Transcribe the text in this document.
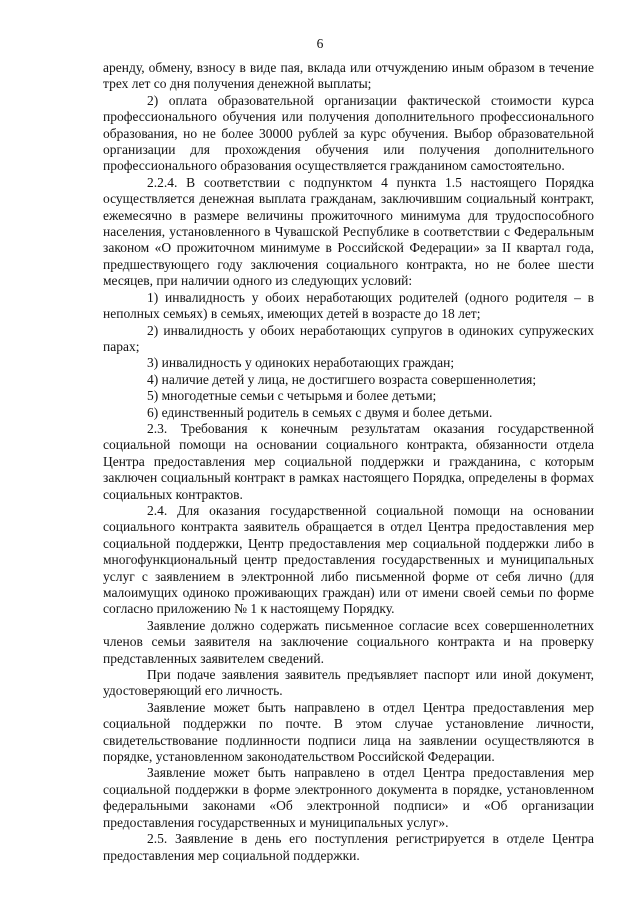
6

аренду, обмену, взносу в виде пая, вклада или отчуждению иным образом в течение трех лет со дня получения денежной выплаты;

2) оплата образовательной организации фактической стоимости курса профессионального обучения или получения дополнительного профессионального образования, но не более 30000 рублей за курс обучения. Выбор образовательной организации для прохождения обучения или получения дополнительного профессионального образования осуществляется гражданином самостоятельно.

2.2.4. В соответствии с подпунктом 4 пункта 1.5 настоящего Порядка осуществляется денежная выплата гражданам, заключившим социальный контракт, ежемесячно в размере величины прожиточного минимума для трудоспособного населения, установленного в Чувашской Республике в соответствии с Федеральным законом «О прожиточном минимуме в Российской Федерации» за II квартал года, предшествующего году заключения социального контракта, но не более шести месяцев, при наличии одного из следующих условий:

1) инвалидность у обоих неработающих родителей (одного родителя – в неполных семьях) в семьях, имеющих детей в возрасте до 18 лет;

2) инвалидность у обоих неработающих супругов в одиноких супружеских парах;

3) инвалидность у одиноких неработающих граждан;

4) наличие детей у лица, не достигшего возраста совершеннолетия;

5) многодетные семьи с четырьмя и более детьми;

6) единственный родитель в семьях с двумя и более детьми.

2.3. Требования к конечным результатам оказания государственной социальной помощи на основании социального контракта, обязанности отдела Центра предоставления мер социальной поддержки и гражданина, с которым заключен социальный контракт в рамках настоящего Порядка, определены в формах социальных контрактов.

2.4. Для оказания государственной социальной помощи на основании социального контракта заявитель обращается в отдел Центра предоставления мер социальной поддержки, Центр предоставления мер социальной поддержки либо в многофункциональный центр предоставления государственных и муниципальных услуг с заявлением в электронной либо письменной форме от себя лично (для малоимущих одиноко проживающих граждан) или от имени своей семьи по форме согласно приложению № 1 к настоящему Порядку.

Заявление должно содержать письменное согласие всех совершеннолетних членов семьи заявителя на заключение социального контракта и на проверку представленных заявителем сведений.

При подаче заявления заявитель предъявляет паспорт или иной документ, удостоверяющий его личность.

Заявление может быть направлено в отдел Центра предоставления мер социальной поддержки по почте. В этом случае установление личности, свидетельствование подлинности подписи лица на заявлении осуществляются в порядке, установленном законодательством Российской Федерации.

Заявление может быть направлено в отдел Центра предоставления мер социальной поддержки в форме электронного документа в порядке, установленном федеральными законами «Об электронной подписи» и «Об организации предоставления государственных и муниципальных услуг».

2.5. Заявление в день его поступления регистрируется в отделе Центра предоставления мер социальной поддержки.
